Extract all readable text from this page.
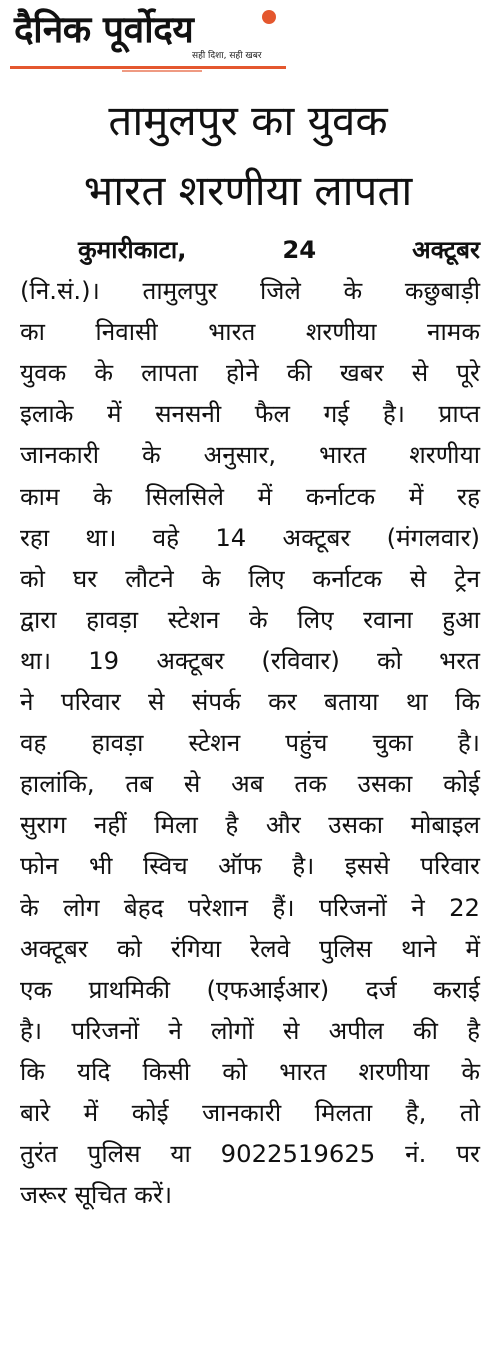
दैनिक पूर्वोदय
सही दिशा, सही खबर
तामुलपुर का युवक
भारत शरणीया लापता
कुमारीकाटा, 24 अक्टूबर
(नि.सं.)। तामुलपुर जिले के कछुबाड़ी
का निवासी भारत शरणीया नामक
युवक के लापता होने की खबर से पूरे
इलाके में सनसनी फैल गई है। प्राप्त
जानकारी के अनुसार, भारत शरणीया
काम के सिलसिले में कर्नाटक में रह
रहा था। वहे 14 अक्टूबर (मंगलवार)
को घर लौटने के लिए कर्नाटक से ट्रेन
द्वारा हावड़ा स्टेशन के लिए रवाना हुआ
था। 19 अक्टूबर (रविवार) को भरत
ने परिवार से संपर्क कर बताया था कि
वह हावड़ा स्टेशन पहुंच चुका है।
हालांकि, तब से अब तक उसका कोई
सुराग नहीं मिला है और उसका मोबाइल
फोन भी स्विच ऑफ है। इससे परिवार
के लोग बेहद परेशान हैं। परिजनों ने 22
अक्टूबर को रंगिया रेलवे पुलिस थाने में
एक प्राथमिकी (एफआईआर) दर्ज कराई
है। परिजनों ने लोगों से अपील की है
कि यदि किसी को भारत शरणीया के
बारे में कोई जानकारी मिलता है, तो
तुरंत पुलिस या 9022519625 नं. पर
जरूर सूचित करें।
